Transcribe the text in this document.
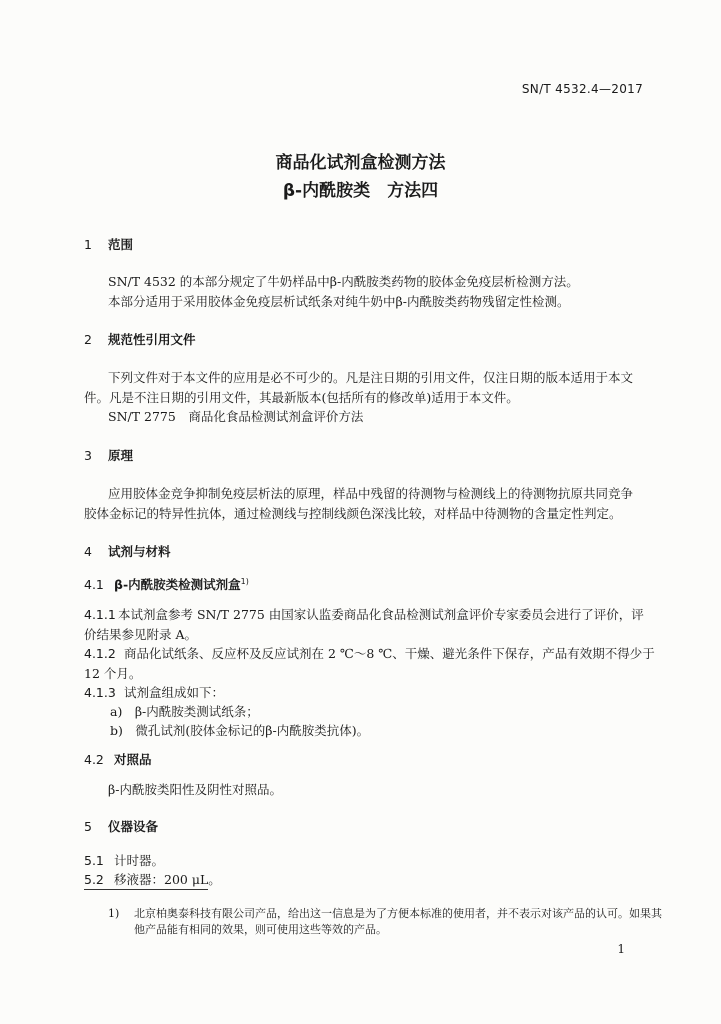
SN/T 4532.4—2017
商品化试剂盒检测方法
β-内酰胺类　方法四
1 范围
SN/T 4532 的本部分规定了牛奶样品中β-内酰胺类药物的胶体金免疫层析检测方法。
本部分适用于采用胶体金免疫层析试纸条对纯牛奶中β-内酰胺类药物残留定性检测。
2 规范性引用文件
下列文件对于本文件的应用是必不可少的。凡是注日期的引用文件，仅注日期的版本适用于本文
件。凡是不注日期的引用文件，其最新版本(包括所有的修改单)适用于本文件。
SN/T 2775　商品化食品检测试剂盒评价方法
3 原理
应用胶体金竞争抑制免疫层析法的原理，样品中残留的待测物与检测线上的待测物抗原共同竞争
胶体金标记的特异性抗体，通过检测线与控制线颜色深浅比较，对样品中待测物的含量定性判定。
4 试剂与材料
4.1 β-内酰胺类检测试剂盒$^{1)}$
4.1.1 本试剂盒参考 SN/T 2775 由国家认监委商品化食品检测试剂盒评价专家委员会进行了评价，评
价结果参见附录 A。
4.1.2 商品化试纸条、反应杯及反应试剂在 2 ℃～8 ℃、干燥、避光条件下保存，产品有效期不得少于
12 个月。
4.1.3 试剂盒组成如下：
a)　β-内酰胺类测试纸条；
b)　微孔试剂(胶体金标记的β-内酰胺类抗体)。
4.2 对照品
β-内酰胺类阳性及阴性对照品。
5 仪器设备
5.1 计时器。
5.2 移液器：200 μL。
1) 北京柏奥泰科技有限公司产品，给出这一信息是为了方便本标准的使用者，并不表示对该产品的认可。如果其
他产品能有相同的效果，则可使用这些等效的产品。
1
